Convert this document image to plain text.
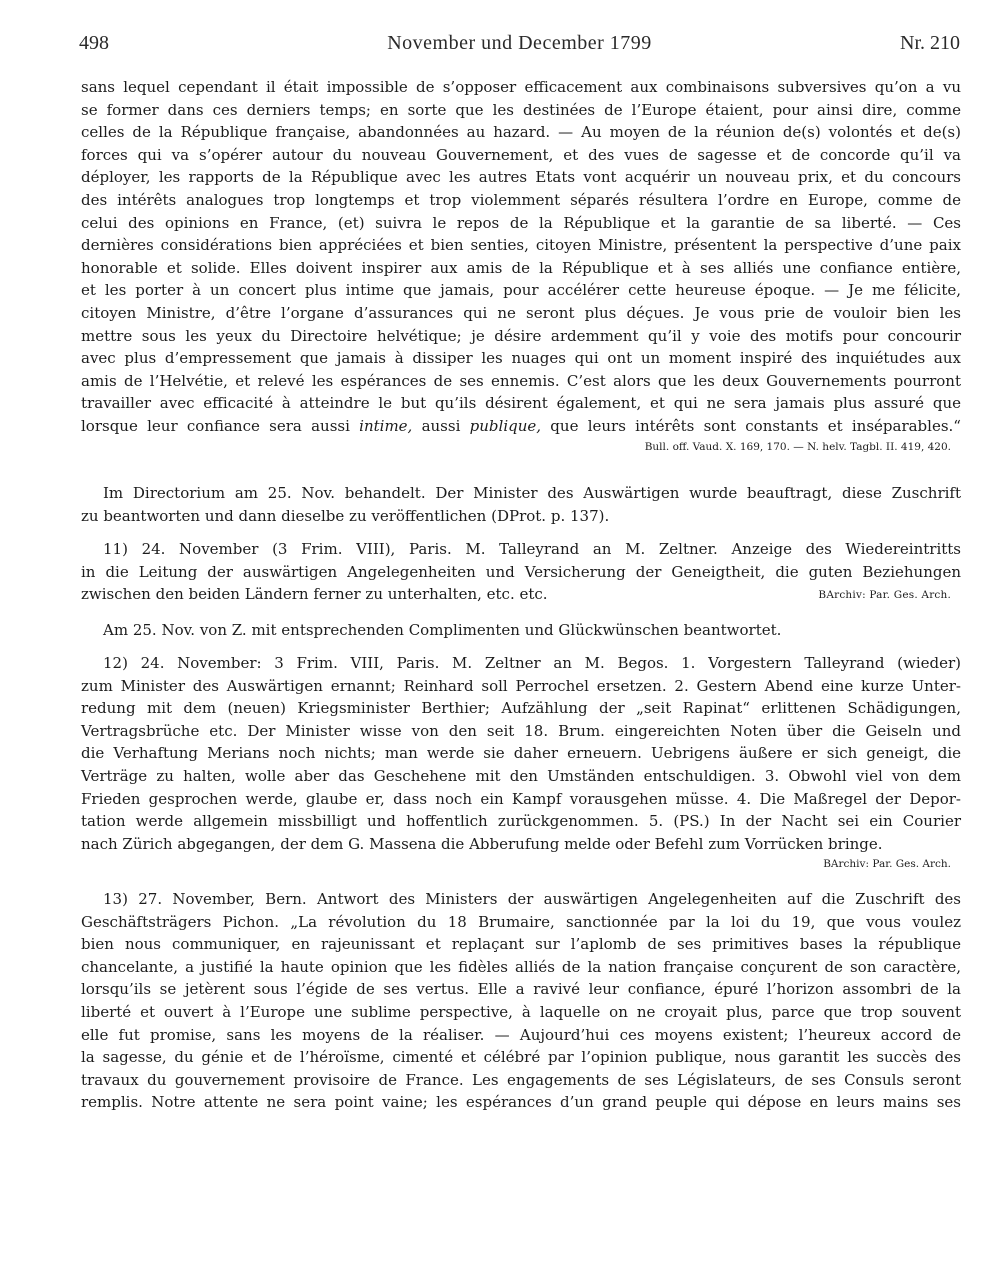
498	November und December 1799	Nr. 210
sans lequel cependant il était impossible de s’opposer efficacement aux combinaisons subversives qu’on a vu
se former dans ces derniers temps; en sorte que les destinées de l’Europe étaient, pour ainsi dire, comme
celles de la République française, abandonnées au hazard. — Au moyen de la réunion de(s) volontés et de(s)
forces qui va s’opérer autour du nouveau Gouvernement, et des vues de sagesse et de concorde qu’il va
déployer, les rapports de la République avec les autres Etats vont acquérir un nouveau prix, et du concours
des intérêts analogues trop longtemps et trop violemment séparés résultera l’ordre en Europe, comme de
celui des opinions en France, (et) suivra le repos de la République et la garantie de sa liberté. — Ces
dernières considérations bien appréciées et bien senties, citoyen Ministre, présentent la perspective d’une paix
honorable et solide. Elles doivent inspirer aux amis de la République et à ses alliés une confiance entière,
et les porter à un concert plus intime que jamais, pour accélérer cette heureuse époque. — Je me félicite,
citoyen Ministre, d’être l’organe d’assurances qui ne seront plus déçues. Je vous prie de vouloir bien les
mettre sous les yeux du Directoire helvétique; je désire ardemment qu’il y voie des motifs pour concourir
avec plus d’empressement que jamais à dissiper les nuages qui ont un moment inspiré des inquiétudes aux
amis de l’Helvétie, et relevé les espérances de ses ennemis. C’est alors que les deux Gouvernements pourront
travailler avec efficacité à atteindre le but qu’ils désirent également, et qui ne sera jamais plus assuré que
lorsque leur confiance sera aussi intime, aussi publique, que leurs intérêts sont constants et inséparables.“
Bull. off. Vaud. X. 169, 170. — N. helv. Tagbl. II. 419, 420.
Im Directorium am 25. Nov. behandelt. Der Minister des Auswärtigen wurde beauftragt, diese Zuschrift
zu beantworten und dann dieselbe zu veröffentlichen (DProt. p. 137).
11) 24. November (3 Frim. VIII), Paris. M. Talleyrand an M. Zeltner. Anzeige des Wiedereintritts
in die Leitung der auswärtigen Angelegenheiten und Versicherung der Geneigtheit, die guten Beziehungen
zwischen den beiden Ländern ferner zu unterhalten, etc. etc.	BArchiv: Par. Ges. Arch.
Am 25. Nov. von Z. mit entsprechenden Complimenten und Glückwünschen beantwortet.
12) 24. November: 3 Frim. VIII, Paris. M. Zeltner an M. Begos. 1. Vorgestern Talleyrand (wieder)
zum Minister des Auswärtigen ernannt; Reinhard soll Perrochel ersetzen. 2. Gestern Abend eine kurze Unter-
redung mit dem (neuen) Kriegsminister Berthier; Aufzählung der „seit Rapinat“ erlittenen Schädigungen,
Vertragsbrüche etc. Der Minister wisse von den seit 18. Brum. eingereichten Noten über die Geiseln und
die Verhaftung Merians noch nichts; man werde sie daher erneuern. Uebrigens äußere er sich geneigt, die
Verträge zu halten, wolle aber das Geschehene mit den Umständen entschuldigen. 3. Obwohl viel von dem
Frieden gesprochen werde, glaube er, dass noch ein Kampf vorausgehen müsse. 4. Die Maßregel der Depor-
tation werde allgemein missbilligt und hoffentlich zurückgenommen. 5. (PS.) In der Nacht sei ein Courier
nach Zürich abgegangen, der dem G. Massena die Abberufung melde oder Befehl zum Vorrücken bringe.
BArchiv: Par. Ges. Arch.
13) 27. November, Bern. Antwort des Ministers der auswärtigen Angelegenheiten auf die Zuschrift des
Geschäftsträgers Pichon. „La révolution du 18 Brumaire, sanctionnée par la loi du 19, que vous voulez
bien nous communiquer, en rajeunissant et replaçant sur l’aplomb de ses primitives bases la république
chancelante, a justifié la haute opinion que les fidèles alliés de la nation française conçurent de son caractère,
lorsqu’ils se jetèrent sous l’égide de ses vertus. Elle a ravivé leur confiance, épuré l’horizon assombri de la
liberté et ouvert à l’Europe une sublime perspective, à laquelle on ne croyait plus, parce que trop souvent
elle fut promise, sans les moyens de la réaliser. — Aujourd’hui ces moyens existent; l’heureux accord de
la sagesse, du génie et de l’héroïsme, cimenté et célébré par l’opinion publique, nous garantit les succès des
travaux du gouvernement provisoire de France. Les engagements de ses Législateurs, de ses Consuls seront
remplis. Notre attente ne sera point vaine; les espérances d’un grand peuple qui dépose en leurs mains ses
